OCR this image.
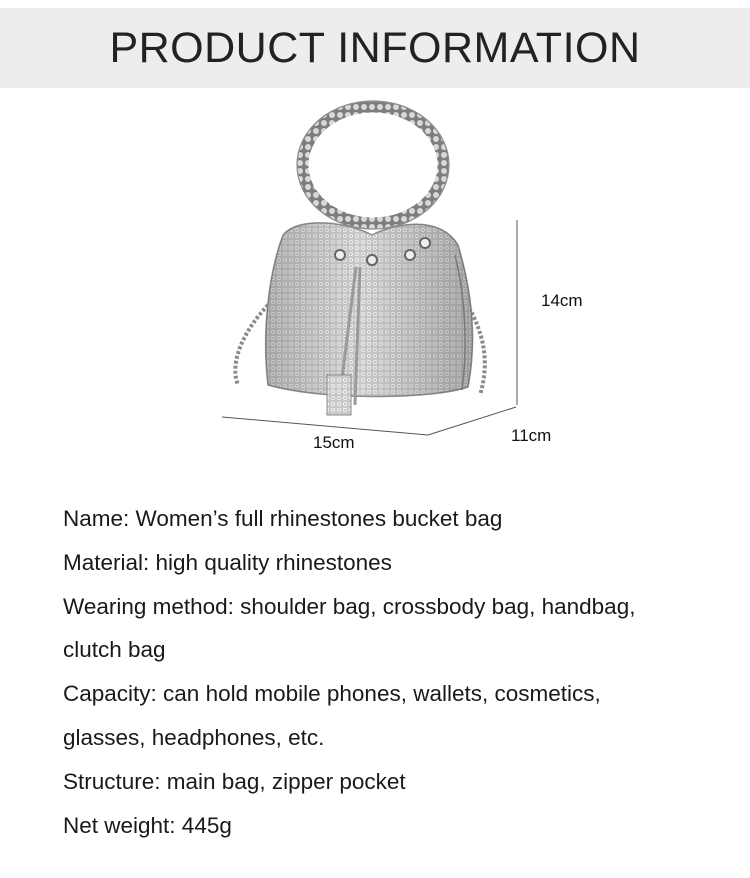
PRODUCT INFORMATION
14cm
15cm	11cm
Name: Women’s full rhinestones bucket bag
Material: high quality rhinestones
Wearing method: shoulder bag, crossbody bag, handbag,
clutch bag
Capacity: can hold mobile phones, wallets, cosmetics,
glasses, headphones, etc.
Structure: main bag, zipper pocket
Net weight: 445g
